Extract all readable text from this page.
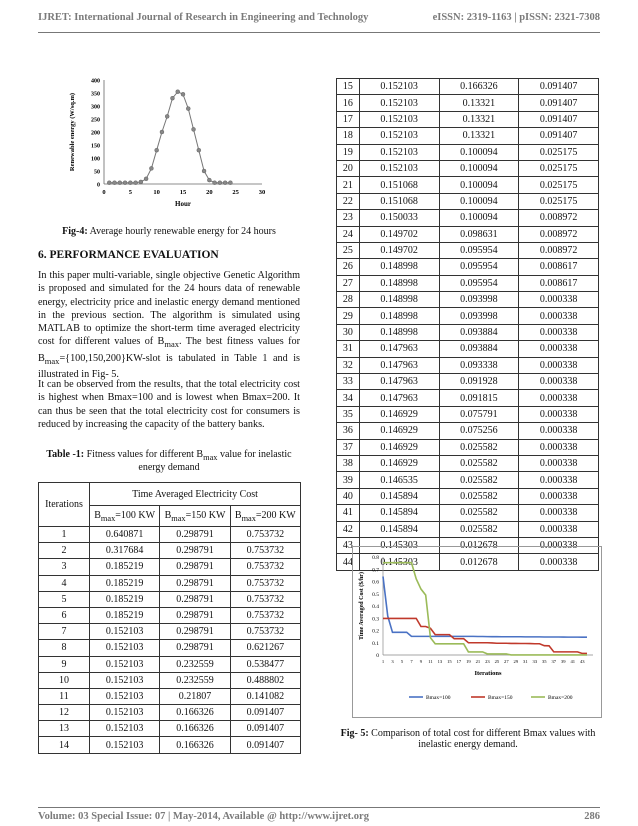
IJRET: International Journal of Research in Engineering and Technology	eISSN: 2319-1163 | pISSN: 2321-7308
0
50
100
150
200
250
300
350
400
0	5	10	15	20	25	30
Hour
Renewable energy (W/sq.m)
Fig-4: Average hourly renewable energy for 24 hours
6. PERFORMANCE EVALUATION
In this paper multi-variable, single objective Genetic Algorithm is proposed and simulated for the 24 hours data of renewable energy, electricity price and inelastic energy demand mentioned in the previous section. The algorithm is simulated using MATLAB to optimize the short-term time averaged electricity cost for different values of $B_{max}$. The best fitness values for $B_{max}=\{100,150,200\}KW$-slot is tabulated in Table 1 and is illustrated in Fig- 5.
It can be observed from the results, that the total electricity cost is highest when Bmax=100 and is lowest when Bmax=200. It can thus be seen that the total electricity cost for consumers is reduced by increasing the capacity of the battery banks.
Table -1: Fitness values for different $B_{max}$ value for inelastic energy demand
Iterations	Time Averaged Electricity Cost		
	$B_{max}=100$ KW	$B_{max}=150$ KW	$B_{max}=200$ KW
1	0.640871	0.298791	0.753732
2	0.317684	0.298791	0.753732
3	0.185219	0.298791	0.753732
4	0.185219	0.298791	0.753732
5	0.185219	0.298791	0.753732
6	0.185219	0.298791	0.753732
7	0.152103	0.298791	0.753732
8	0.152103	0.298791	0.621267
9	0.152103	0.232559	0.538477
10	0.152103	0.232559	0.488802
11	0.152103	0.21807	0.141082
12	0.152103	0.166326	0.091407
13	0.152103	0.166326	0.091407
14	0.152103	0.166326	0.091407
15	0.152103	0.166326	0.091407
16	0.152103	0.13321	0.091407
17	0.152103	0.13321	0.091407
18	0.152103	0.13321	0.091407
19	0.152103	0.100094	0.025175
20	0.152103	0.100094	0.025175
21	0.151068	0.100094	0.025175
22	0.151068	0.100094	0.025175
23	0.150033	0.100094	0.008972
24	0.149702	0.098631	0.008972
25	0.149702	0.095954	0.008972
26	0.148998	0.095954	0.008617
27	0.148998	0.095954	0.008617
28	0.148998	0.093998	0.000338
29	0.148998	0.093998	0.000338
30	0.148998	0.093884	0.000338
31	0.147963	0.093884	0.000338
32	0.147963	0.093338	0.000338
33	0.147963	0.091928	0.000338
34	0.147963	0.091815	0.000338
35	0.146929	0.075791	0.000338
36	0.146929	0.075256	0.000338
37	0.146929	0.025582	0.000338
38	0.146929	0.025582	0.000338
39	0.146535	0.025582	0.000338
40	0.145894	0.025582	0.000338
41	0.145894	0.025582	0.000338
42	0.145894	0.025582	0.000338
43	0.145303	0.012678	0.000338
44	0.145303	0.012678	0.000338
0
0.1
0.2
0.3
0.4
0.5
0.6
0.7
0.8
1 3 5 7 9 11 13 15 17 19 21 23 25 27 29 31 33 35 37 39 41 43
Iterations
Time Averaged Cost ($/hr)
Bmax=100	Bmax=150	Bmax=200
Fig- 5: Comparison of total cost for different Bmax values with inelastic energy demand.
Volume: 03 Special Issue: 07 | May-2014, Available @ http://www.ijret.org	286
